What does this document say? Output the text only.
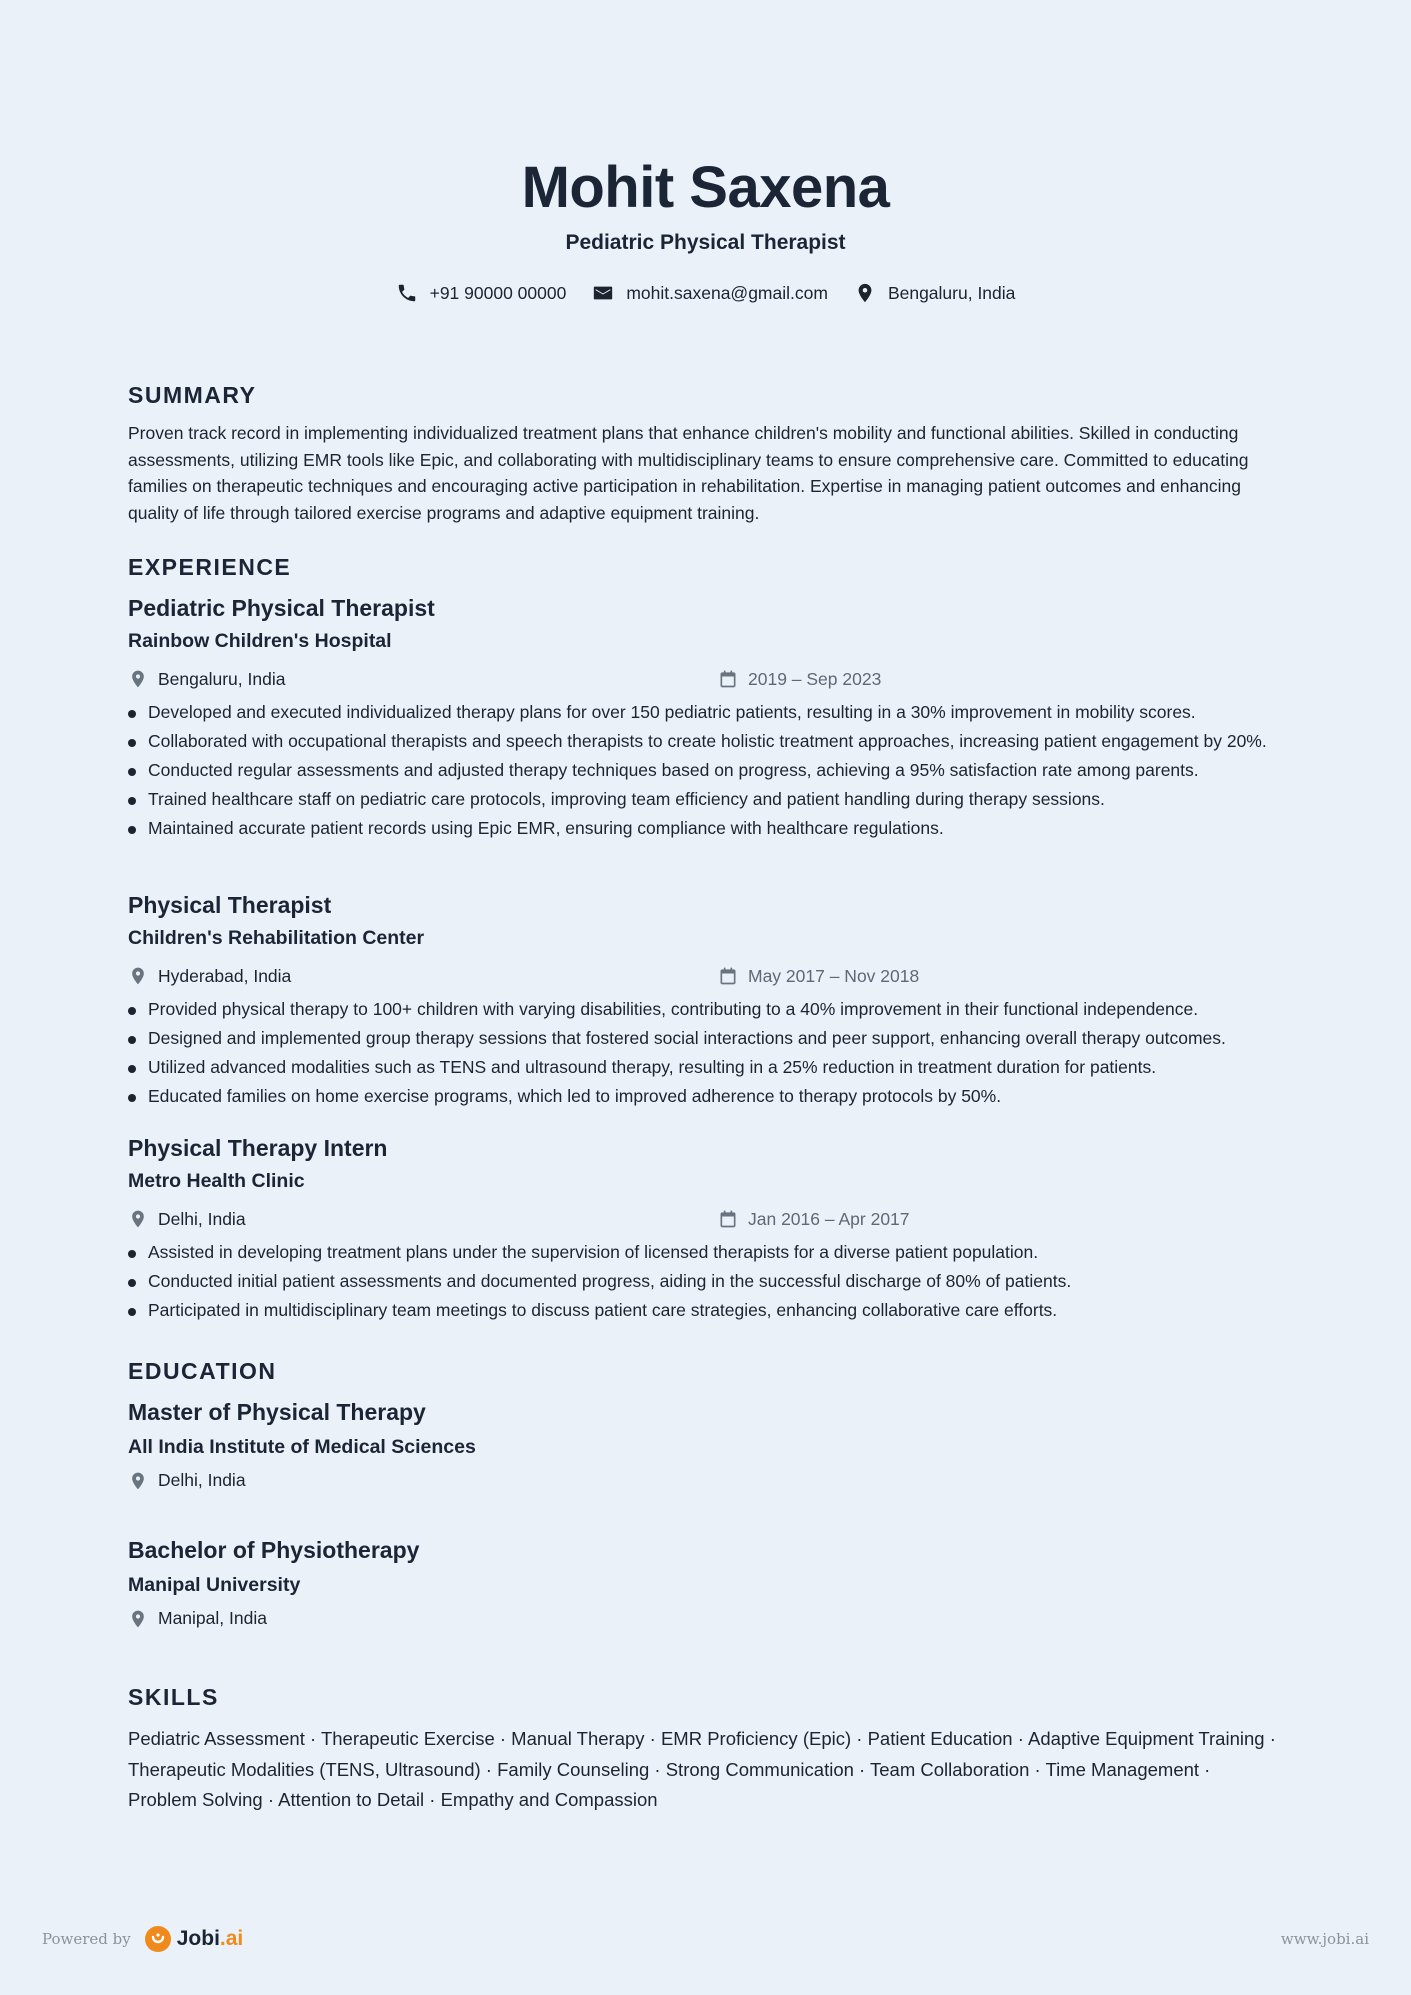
Mohit Saxena
Pediatric Physical Therapist
+91 90000 00000	mohit.saxena@gmail.com	Bengaluru, India
SUMMARY
Proven track record in implementing individualized treatment plans that enhance children's mobility and functional abilities. Skilled in conducting assessments, utilizing EMR tools like Epic, and collaborating with multidisciplinary teams to ensure comprehensive care. Committed to educating families on therapeutic techniques and encouraging active participation in rehabilitation. Expertise in managing patient outcomes and enhancing quality of life through tailored exercise programs and adaptive equipment training.
EXPERIENCE
Pediatric Physical Therapist
Rainbow Children's Hospital
Bengaluru, India	2019 – Sep 2023
Developed and executed individualized therapy plans for over 150 pediatric patients, resulting in a 30% improvement in mobility scores.
Collaborated with occupational therapists and speech therapists to create holistic treatment approaches, increasing patient engagement by 20%.
Conducted regular assessments and adjusted therapy techniques based on progress, achieving a 95% satisfaction rate among parents.
Trained healthcare staff on pediatric care protocols, improving team efficiency and patient handling during therapy sessions.
Maintained accurate patient records using Epic EMR, ensuring compliance with healthcare regulations.
Physical Therapist
Children's Rehabilitation Center
Hyderabad, India	May 2017 – Nov 2018
Provided physical therapy to 100+ children with varying disabilities, contributing to a 40% improvement in their functional independence.
Designed and implemented group therapy sessions that fostered social interactions and peer support, enhancing overall therapy outcomes.
Utilized advanced modalities such as TENS and ultrasound therapy, resulting in a 25% reduction in treatment duration for patients.
Educated families on home exercise programs, which led to improved adherence to therapy protocols by 50%.
Physical Therapy Intern
Metro Health Clinic
Delhi, India	Jan 2016 – Apr 2017
Assisted in developing treatment plans under the supervision of licensed therapists for a diverse patient population.
Conducted initial patient assessments and documented progress, aiding in the successful discharge of 80% of patients.
Participated in multidisciplinary team meetings to discuss patient care strategies, enhancing collaborative care efforts.
EDUCATION
Master of Physical Therapy
All India Institute of Medical Sciences
Delhi, India
Bachelor of Physiotherapy
Manipal University
Manipal, India
SKILLS
Pediatric Assessment · Therapeutic Exercise · Manual Therapy · EMR Proficiency (Epic) · Patient Education · Adaptive Equipment Training · Therapeutic Modalities (TENS, Ultrasound) · Family Counseling · Strong Communication · Team Collaboration · Time Management · Problem Solving · Attention to Detail · Empathy and Compassion
Powered by Jobi.ai	www.jobi.ai
